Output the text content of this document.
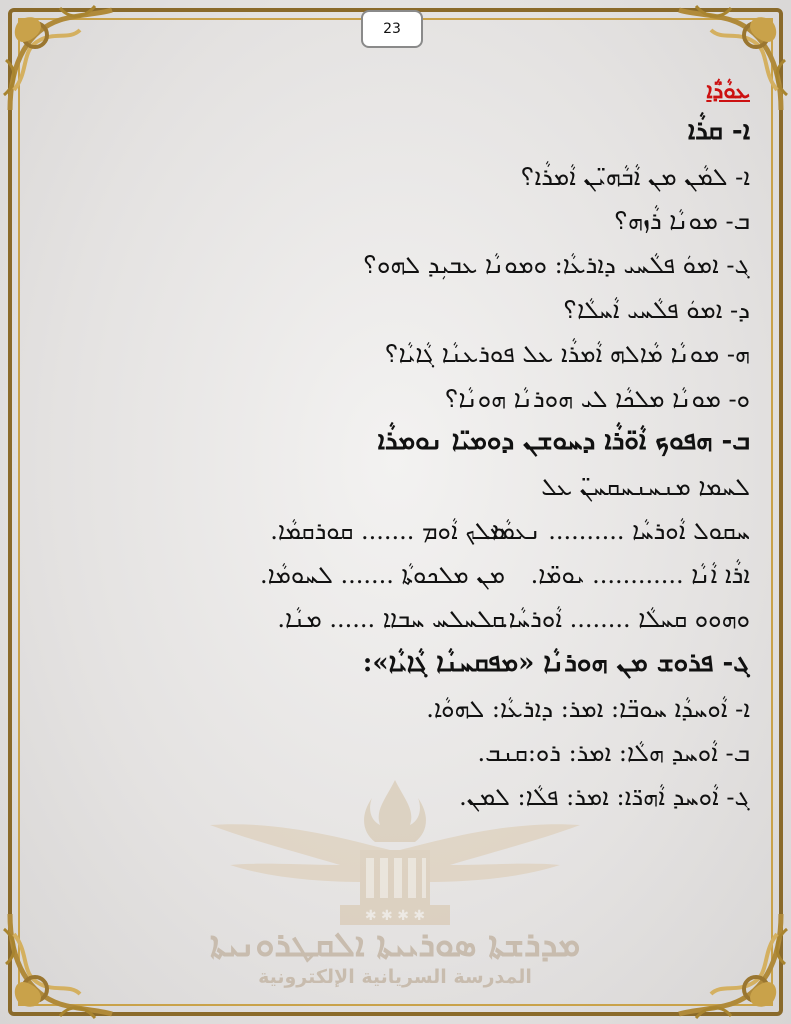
23
✱ ✱ ✱ ✱
ܡܕܪܫܬܐ ܣܘܪܝܝܬܐ ܐܠܩܛܪܘܢܝܬܐ
المدرسة السريانية الإلكترونية
ܥܘܵܕ̈ܵܐ
ܐ- ܩܪܵܐ
ܐ- ܠܡܵܢ ܡܢ ܐܵܒܵܗܝ̈ܢ ܐܵܡܪܵܐ؟
ܒ- ܡܘܢܵܐ ܪܵܙܗ؟
ܓ- ܐܡܘܿ ܦܠܵܚܝ ܕܐܪܥܵܐ: ܘܡܘܢܵܐ ܥܒܝܼܕ ܠܗܘ؟
ܕ- ܐܡܘܿ ܦܠܵܚܝ ܐܵܚܠܵܐ؟
ܗ- ܡܘܢܵܐ ܡܵܐܠܗ ܐܵܡܪܵܐ ܥܠ ܦܘܪܥܢܵܐ ܓܵܐܝܵܐ؟
ܘ- ܡܘܢܵܐ ܡܠܟܵܐ ܠܝ ܗܘܪܢܵܐ ܗܘܢܵܐ؟
ܒ- ܗܦܘܟ ܐܵܘ̈ܪܵܐ ܕܚܘܫܢ ܕܘܡܝ̈ܐ ܢܘܡܪܵܐ
ܠܚܡܐ ܡܢܚܢܚܩܚܢ̈ ܥܠ
ܚܩܘܠ ܐܵܘܪܚܵܐ .......... ܢܥܡܵܐ.
ܡܠܟ ܐܵܘܡ ....... ܩܘܪܩܡܵܐ.
ܐܪܵܐ ܐܵܢܵܐ ............ ܝܘܡ̈ܐ.
ܡܢ ܡܠܟܘܬܵܐ ....... ܠܚܘܡܵܐ.
ܘܗܘܘ ܩܚܠܵܐ ........ ܐܵܘܪܚܵܐ.
ܩܠܚܠܚ ܚܒܐܐ ...... ܡܢܵܐ.
ܓ- ܦܪܘܫ ܡܢ ܗܘܪܢܵܐ «ܡܦܩܚܢܵܐ ܓܵܐܝܵܐ»:
ܐ- ܐܵܘܚܕܵܐ ܚܘܒ̈ܐ: ܐܡܪ: ܕܐܪܥܵܐ: ܠܗܘܵܐ.
ܒ- ܐܵܘܚܕ ܗܠܵܐ: ܐܡܪ: ܪܘ:ܩܢܒ.
ܓ- ܐܵܘܚܕ ܐܵܗܪ̈ܐ: ܐܡܪ: ܦܠܵܐ: ܠܡܢ.
